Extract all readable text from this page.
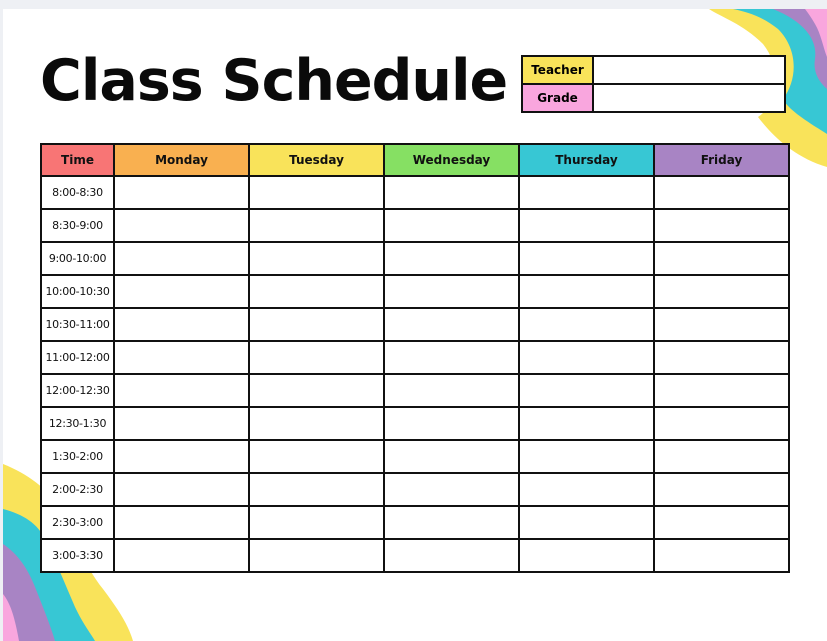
Class Schedule Teacher	
Grade	
Time	Monday	Tuesday	Wednesday	Thursday	Friday
8:00-8:30					
8:30-9:00					
9:00-10:00					
10:00-10:30					
10:30-11:00					
11:00-12:00					
12:00-12:30					
12:30-1:30					
1:30-2:00					
2:00-2:30					
2:30-3:00					
3:00-3:30					
